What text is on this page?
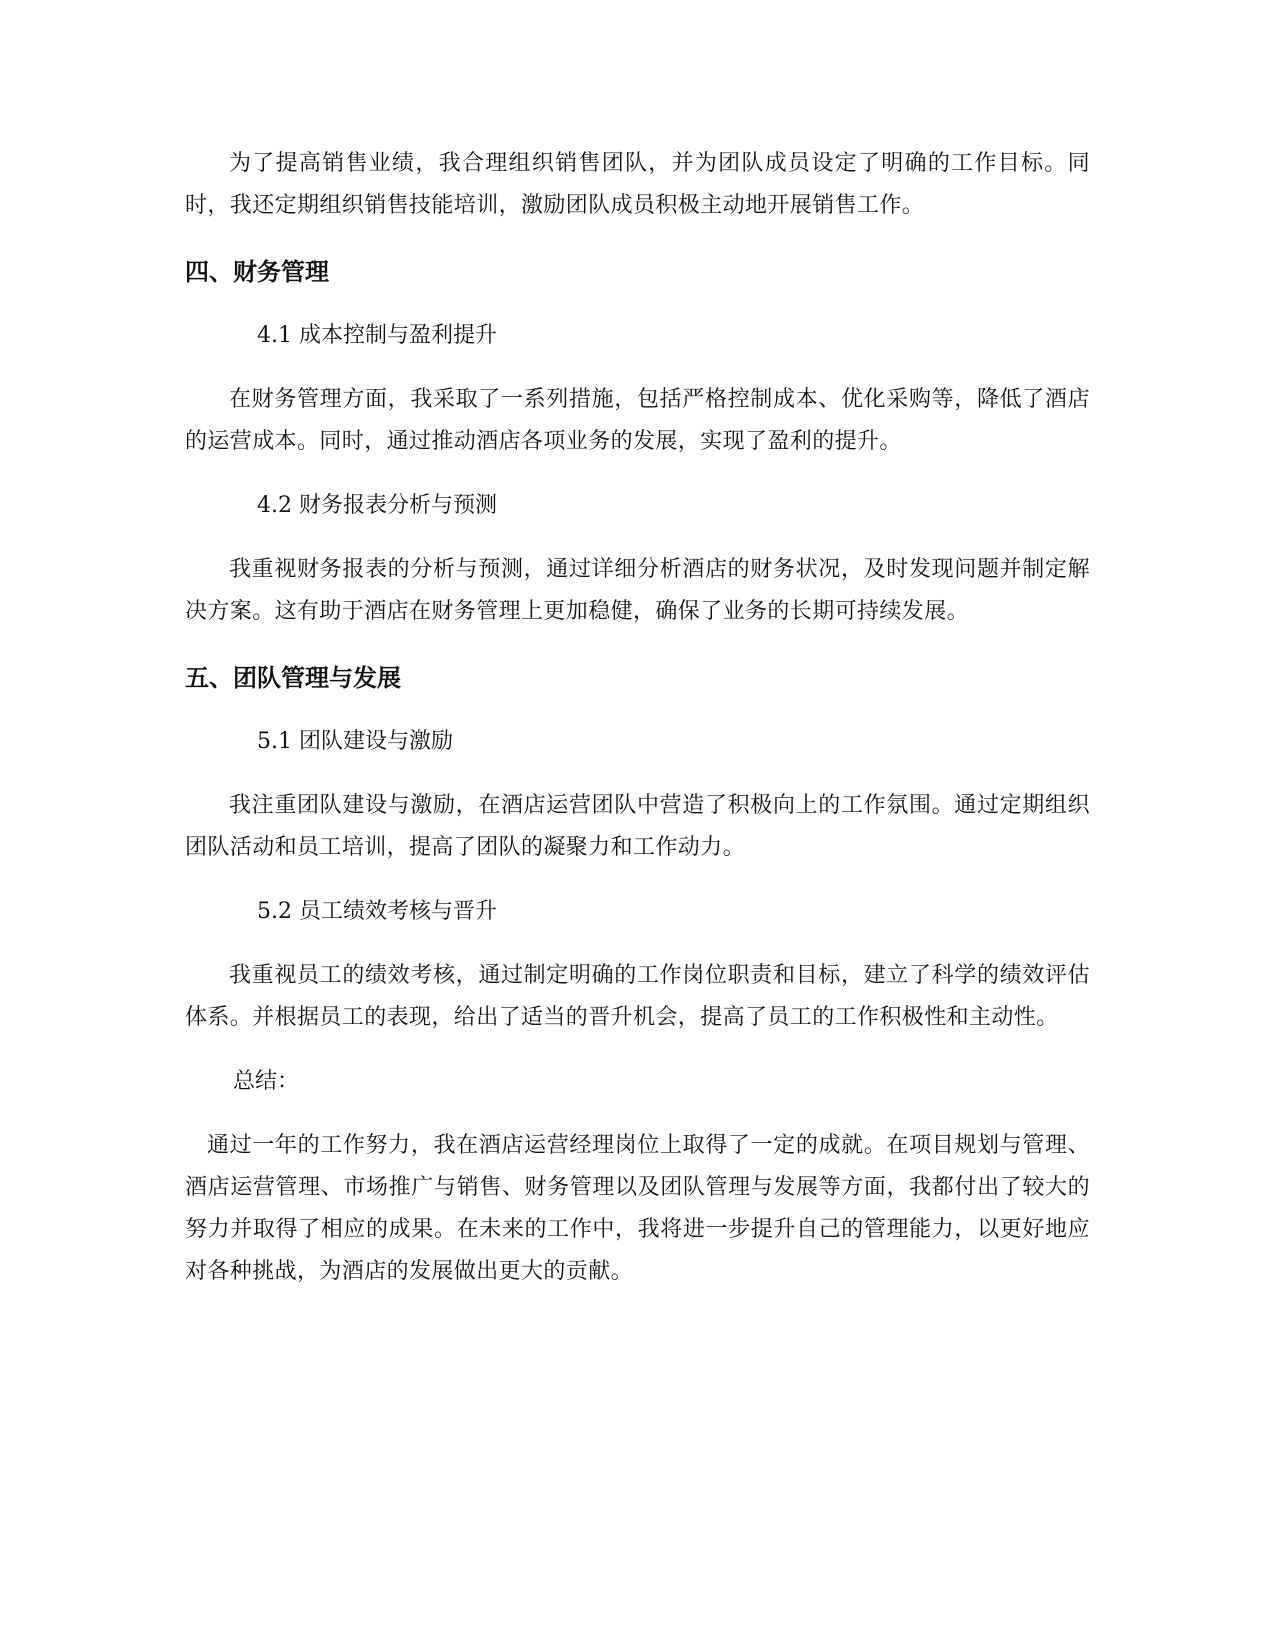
为了提高销售业绩，我合理组织销售团队，并为团队成员设定了明确的工作目标。同时，我还定期组织销售技能培训，激励团队成员积极主动地开展销售工作。

四、财务管理

4.1 成本控制与盈利提升

在财务管理方面，我采取了一系列措施，包括严格控制成本、优化采购等，降低了酒店的运营成本。同时，通过推动酒店各项业务的发展，实现了盈利的提升。

4.2 财务报表分析与预测

我重视财务报表的分析与预测，通过详细分析酒店的财务状况，及时发现问题并制定解决方案。这有助于酒店在财务管理上更加稳健，确保了业务的长期可持续发展。

五、团队管理与发展

5.1 团队建设与激励

我注重团队建设与激励，在酒店运营团队中营造了积极向上的工作氛围。通过定期组织团队活动和员工培训，提高了团队的凝聚力和工作动力。

5.2 员工绩效考核与晋升

我重视员工的绩效考核，通过制定明确的工作岗位职责和目标，建立了科学的绩效评估体系。并根据员工的表现，给出了适当的晋升机会，提高了员工的工作积极性和主动性。

总结：

通过一年的工作努力，我在酒店运营经理岗位上取得了一定的成就。在项目规划与管理、酒店运营管理、市场推广与销售、财务管理以及团队管理与发展等方面，我都付出了较大的努力并取得了相应的成果。在未来的工作中，我将进一步提升自己的管理能力，以更好地应对各种挑战，为酒店的发展做出更大的贡献。
